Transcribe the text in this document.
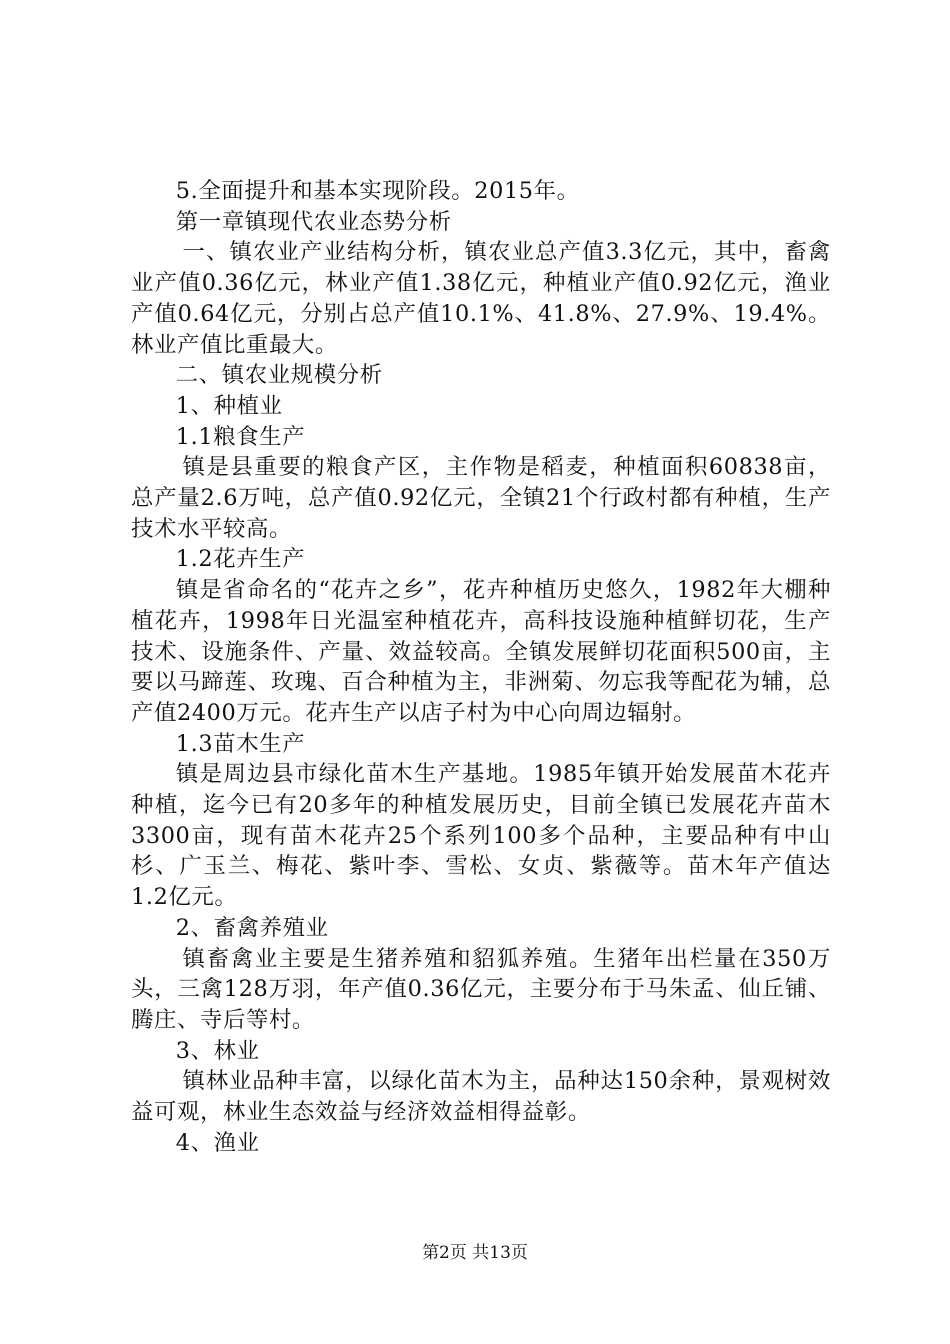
5.全面提升和基本实现阶段。2015年。

第一章镇现代农业态势分析

一、镇农业产业结构分析，镇农业总产值3.3亿元，其中，畜禽业产值0.36亿元，林业产值1.38亿元，种植业产值0.92亿元，渔业产值0.64亿元，分别占总产值10.1%、41.8%、27.9%、19.4%。林业产值比重最大。

二、镇农业规模分析

1、种植业

1.1粮食生产

镇是县重要的粮食产区，主作物是稻麦，种植面积60838亩，总产量2.6万吨，总产值0.92亿元，全镇21个行政村都有种植，生产技术水平较高。

1.2花卉生产

镇是省命名的“花卉之乡”，花卉种植历史悠久，1982年大棚种植花卉，1998年日光温室种植花卉，高科技设施种植鲜切花，生产技术、设施条件、产量、效益较高。全镇发展鲜切花面积500亩，主要以马蹄莲、玫瑰、百合种植为主，非洲菊、勿忘我等配花为辅，总产值2400万元。花卉生产以店子村为中心向周边辐射。

1.3苗木生产

镇是周边县市绿化苗木生产基地。1985年镇开始发展苗木花卉种植，迄今已有20多年的种植发展历史，目前全镇已发展花卉苗木3300亩，现有苗木花卉25个系列100多个品种，主要品种有中山杉、广玉兰、梅花、紫叶李、雪松、女贞、紫薇等。苗木年产值达1.2亿元。

2、畜禽养殖业

镇畜禽业主要是生猪养殖和貂狐养殖。生猪年出栏量在350万头，三禽128万羽，年产值0.36亿元，主要分布于马朱孟、仙丘铺、腾庄、寺后等村。

3、林业

镇林业品种丰富，以绿化苗木为主，品种达150余种，景观树效益可观，林业生态效益与经济效益相得益彰。

4、渔业

第2页 共13页
